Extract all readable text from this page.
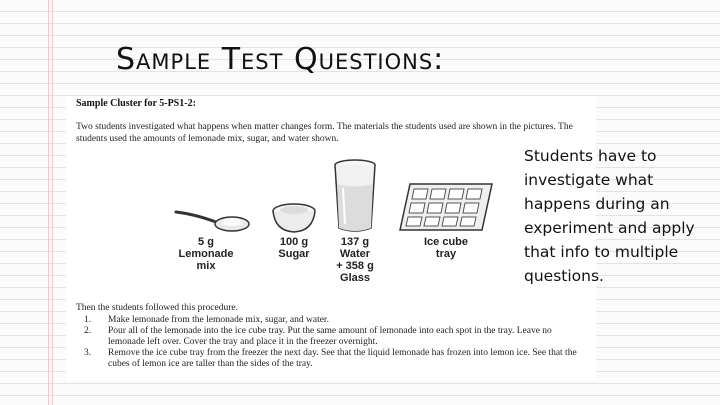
Sample Test Questions:
Sample Cluster for 5-PS1-2:
Two students investigated what happens when matter changes form. The materials the students used are shown in the pictures. The students used the amounts of lemonade mix, sugar, and water shown.
5 g
Lemonade
mix
100 g
Sugar
137 g
Water
+ 358 g
Glass
Ice cube
tray
Then the students followed this procedure.
1. Make lemonade from the lemonade mix, sugar, and water.
2. Pour all of the lemonade into the ice cube tray. Put the same amount of lemonade into each spot in the tray. Leave no lemonade left over. Cover the tray and place it in the freezer overnight.
3. Remove the ice cube tray from the freezer the next day. See that the liquid lemonade has frozen into lemon ice. See that the cubes of lemon ice are taller than the sides of the tray.
Students have to investigate what happens during an experiment and apply that info to multiple questions.
